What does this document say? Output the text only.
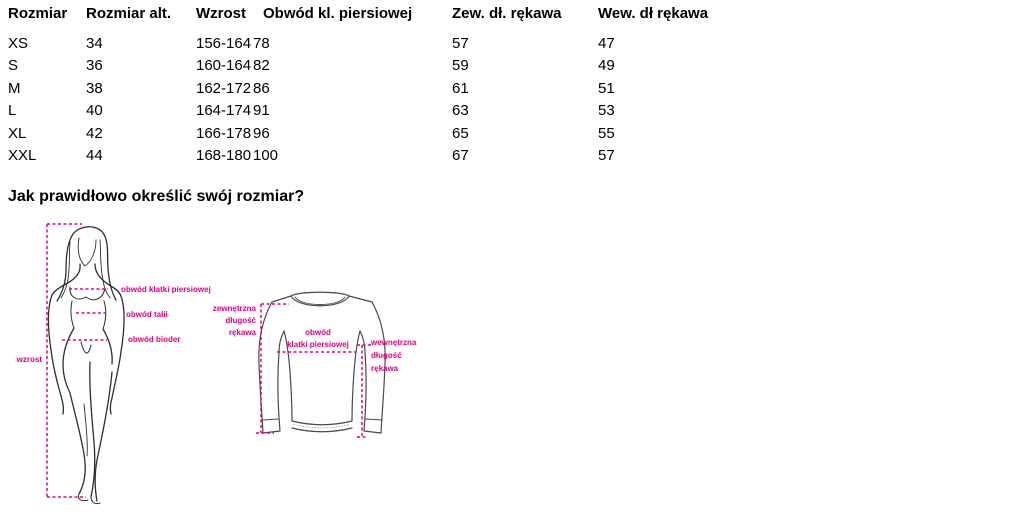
Rozmiar	Rozmiar alt.	Wzrost	Obwód kl. piersiowej	Zew. dł. rękawa	Wew. dł rękawa
XS	34	156-164	78	57	47
S	36	160-164	82	59	49
M	38	162-172	86	61	51
L	40	164-174	91	63	53
XL	42	166-178	96	65	55
XXL	44	168-180	100	67	57
Jak prawidłowo określić swój rozmiar?
wzrost
obwód klatki piersiowej
obwód talii
obwód bioder
zewnętrzna
długość
rękawa	obwód
klatki piersiowej	wewnętrzna
długość
rękawa
